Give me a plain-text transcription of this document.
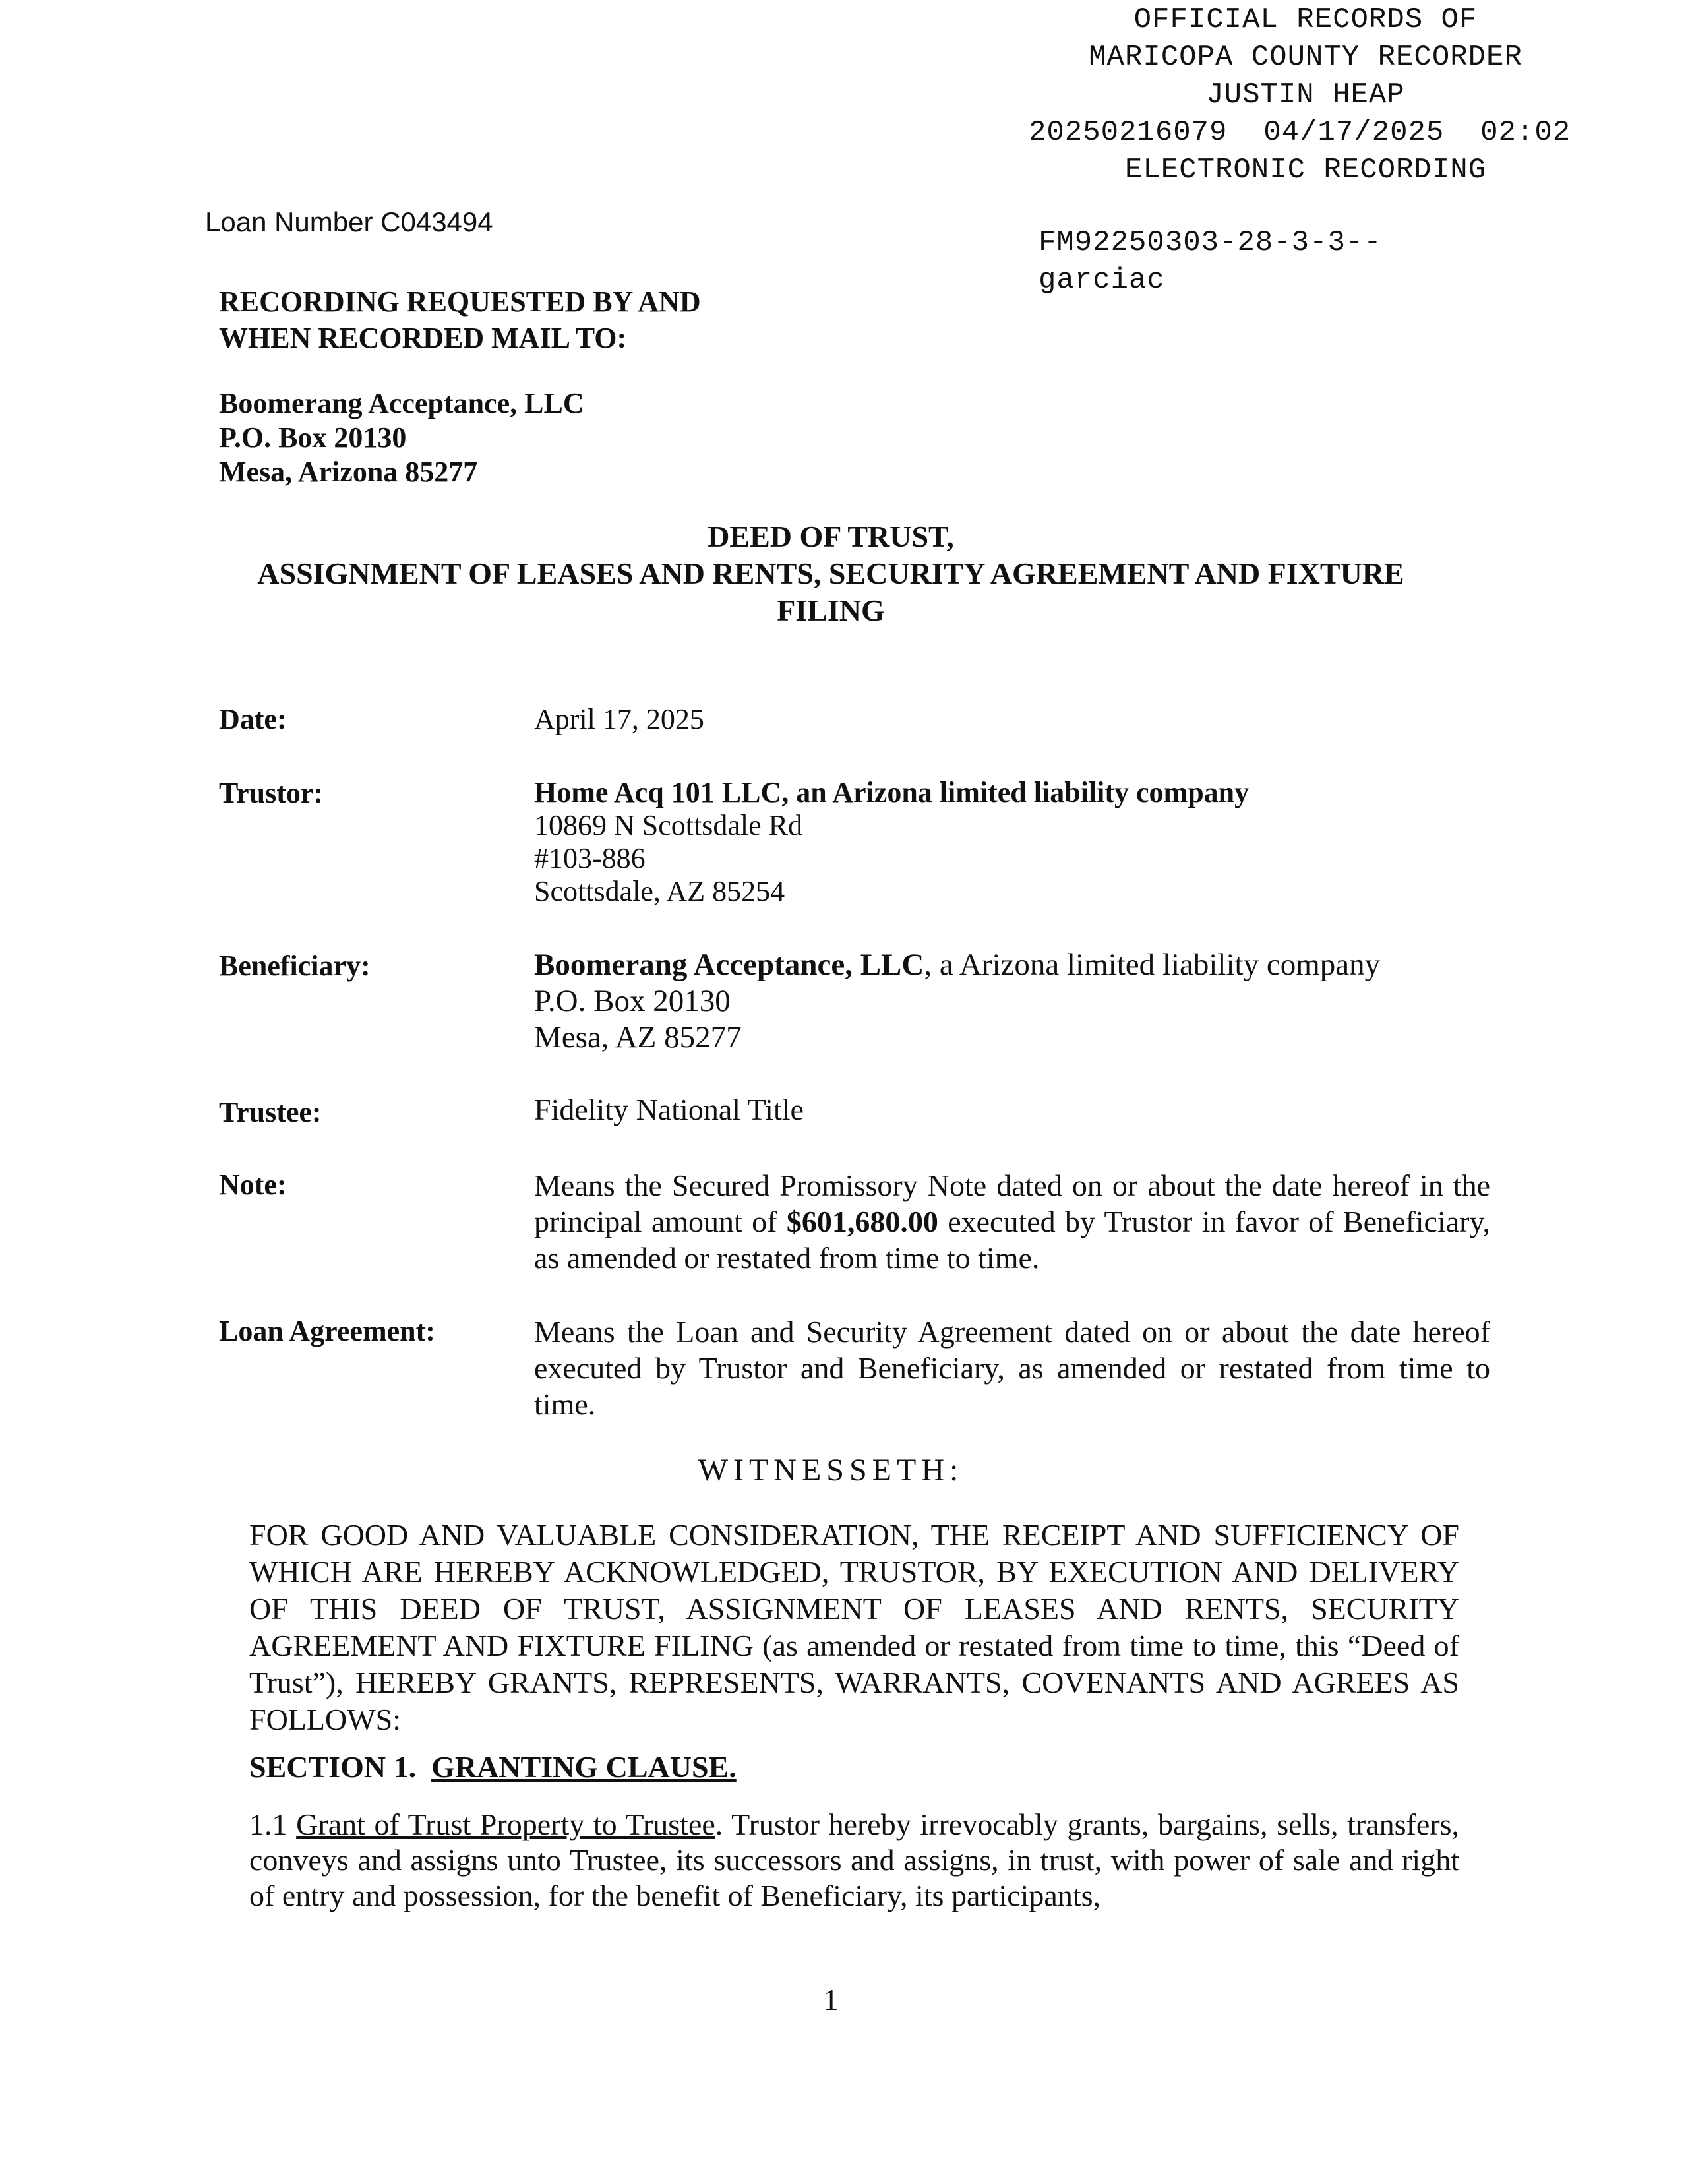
OFFICIAL RECORDS OF
MARICOPA COUNTY RECORDER
JUSTIN HEAP
20250216079  04/17/2025  02:02
ELECTRONIC RECORDING
Loan Number C043494
FM92250303-28-3-3--
garciac
RECORDING REQUESTED BY AND
WHEN RECORDED MAIL TO:
Boomerang Acceptance, LLC
P.O. Box 20130
Mesa, Arizona 85277
DEED OF TRUST,
ASSIGNMENT OF LEASES AND RENTS, SECURITY AGREEMENT AND FIXTURE
FILING
Date:	April 17, 2025
Trustor:	Home Acq 101 LLC, an Arizona limited liability company
10869 N Scottsdale Rd
#103-886
Scottsdale, AZ 85254
Beneficiary:	Boomerang Acceptance, LLC, a Arizona limited liability company
P.O. Box 20130
Mesa, AZ 85277
Trustee:	Fidelity National Title
Note:	Means the Secured Promissory Note dated on or about the date hereof in the principal amount of $601,680.00 executed by Trustor in favor of Beneficiary, as amended or restated from time to time.
Loan Agreement:	Means the Loan and Security Agreement dated on or about the date hereof executed by Trustor and Beneficiary, as amended or restated from time to time.
WITNESSETH:
FOR GOOD AND VALUABLE CONSIDERATION, THE RECEIPT AND SUFFICIENCY OF WHICH ARE HEREBY ACKNOWLEDGED, TRUSTOR, BY EXECUTION AND DELIVERY OF THIS DEED OF TRUST, ASSIGNMENT OF LEASES AND RENTS, SECURITY AGREEMENT AND FIXTURE FILING (as amended or restated from time to time, this “Deed of Trust”), HEREBY GRANTS, REPRESENTS, WARRANTS, COVENANTS AND AGREES AS FOLLOWS:
SECTION 1. GRANTING CLAUSE.
1.1 Grant of Trust Property to Trustee. Trustor hereby irrevocably grants, bargains, sells, transfers, conveys and assigns unto Trustee, its successors and assigns, in trust, with power of sale and right of entry and possession, for the benefit of Beneficiary, its participants,
1
